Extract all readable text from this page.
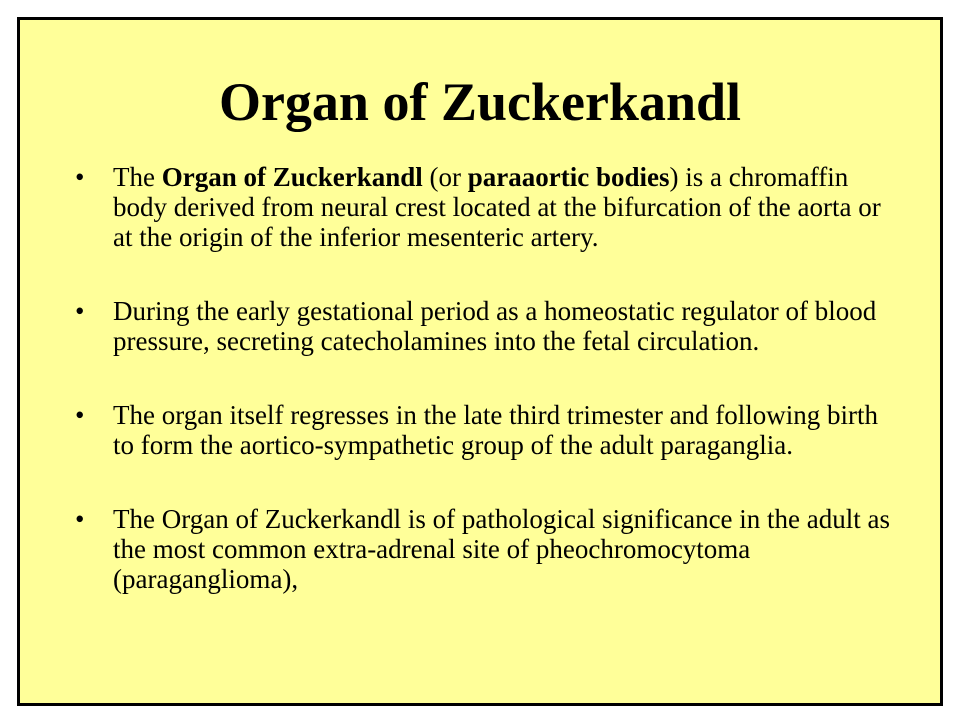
Organ of Zuckerkandl
• The Organ of Zuckerkandl (or paraaortic bodies) is a chromaffin body derived from neural crest located at the bifurcation of the aorta or at the origin of the inferior mesenteric artery.
• During the early gestational period as a homeostatic regulator of blood pressure, secreting catecholamines into the fetal circulation.
• The organ itself regresses in the late third trimester and following birth to form the aortico-sympathetic group of the adult paraganglia.
• The Organ of Zuckerkandl is of pathological significance in the adult as the most common extra-adrenal site of pheochromocytoma (paraganglioma),
